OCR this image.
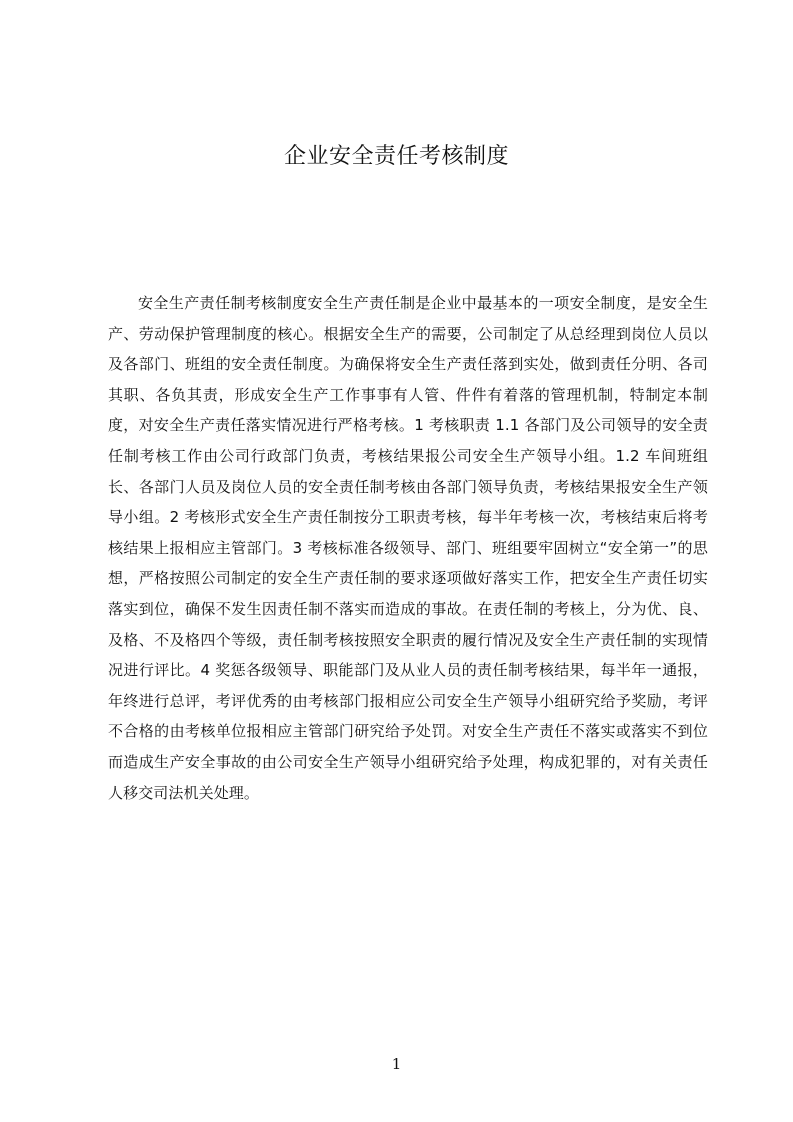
企业安全责任考核制度

安全生产责任制考核制度安全生产责任制是企业中最基本的一项安全制度，是安全生产、劳动保护管理制度的核心。根据安全生产的需要，公司制定了从总经理到岗位人员以及各部门、班组的安全责任制度。为确保将安全生产责任落到实处，做到责任分明、各司其职、各负其责，形成安全生产工作事事有人管、件件有着落的管理机制，特制定本制度，对安全生产责任落实情况进行严格考核。1 考核职责 1.1 各部门及公司领导的安全责任制考核工作由公司行政部门负责，考核结果报公司安全生产领导小组。1.2 车间班组长、各部门人员及岗位人员的安全责任制考核由各部门领导负责，考核结果报安全生产领导小组。2 考核形式安全生产责任制按分工职责考核，每半年考核一次，考核结束后将考核结果上报相应主管部门。3 考核标准各级领导、部门、班组要牢固树立“安全第一”的思想，严格按照公司制定的安全生产责任制的要求逐项做好落实工作，把安全生产责任切实落实到位，确保不发生因责任制不落实而造成的事故。在责任制的考核上，分为优、良、及格、不及格四个等级，责任制考核按照安全职责的履行情况及安全生产责任制的实现情况进行评比。4 奖惩各级领导、职能部门及从业人员的责任制考核结果，每半年一通报，年终进行总评，考评优秀的由考核部门报相应公司安全生产领导小组研究给予奖励，考评不合格的由考核单位报相应主管部门研究给予处罚。对安全生产责任不落实或落实不到位而造成生产安全事故的由公司安全生产领导小组研究给予处理，构成犯罪的，对有关责任人移交司法机关处理。

1
